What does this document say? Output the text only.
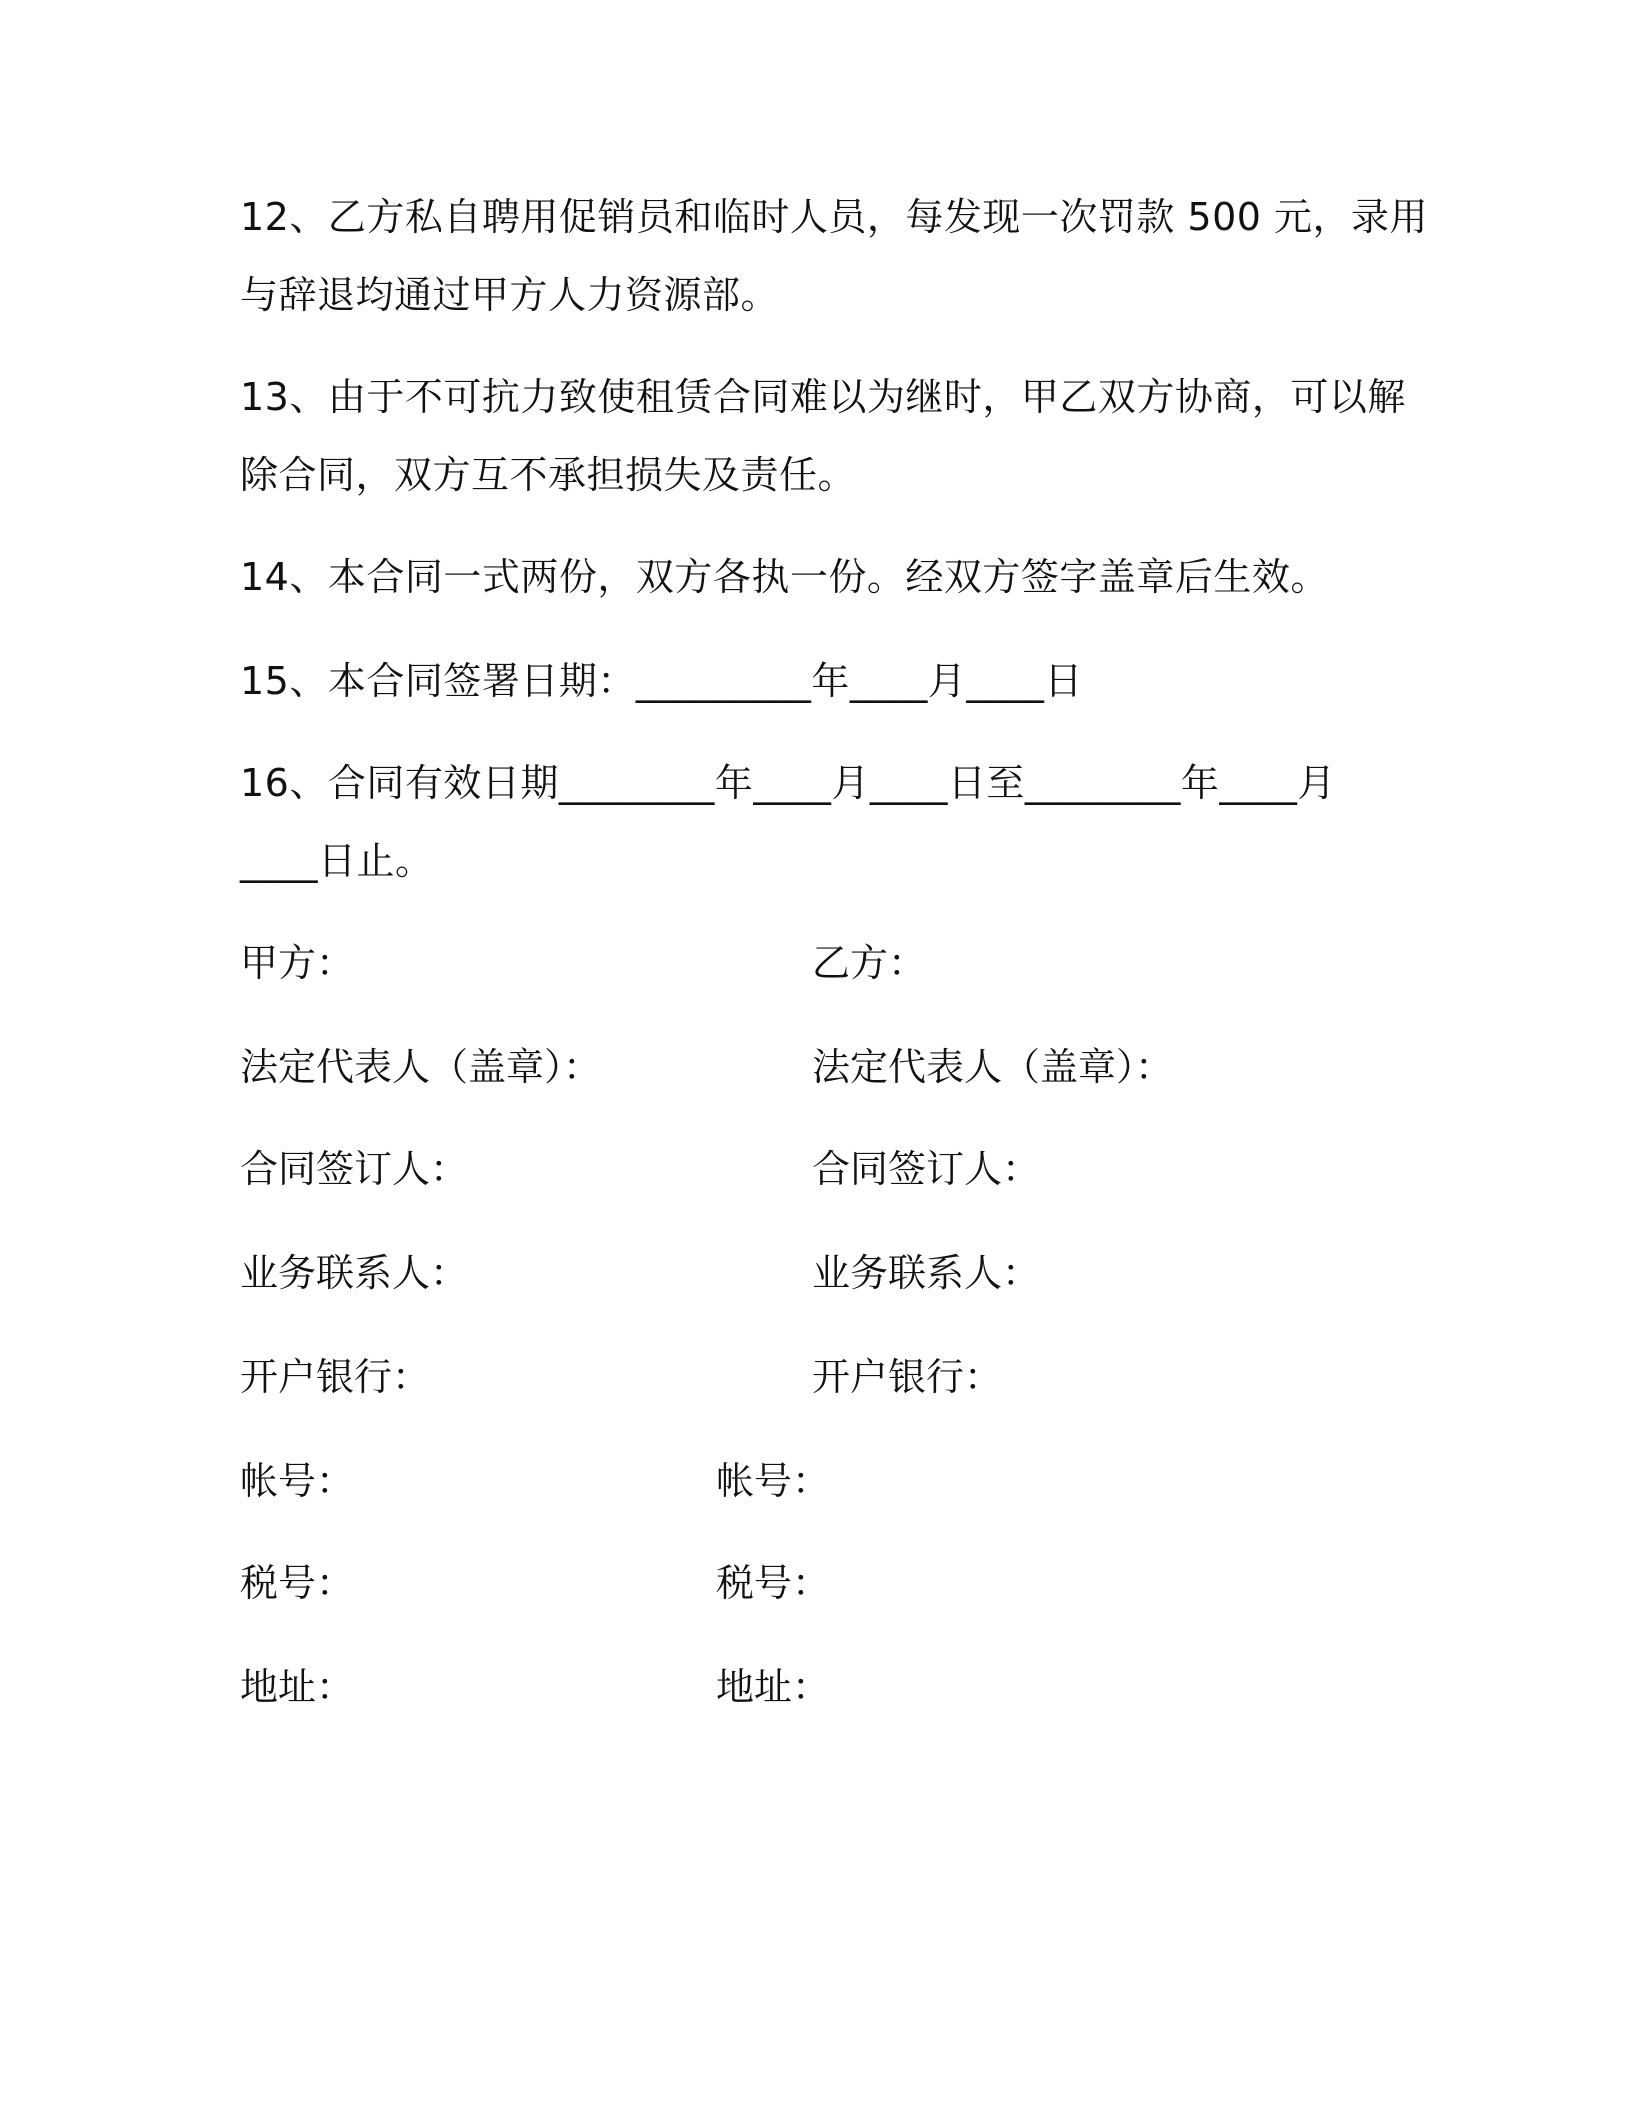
12、乙方私自聘用促销员和临时人员，每发现一次罚款 500 元，录用
与辞退均通过甲方人力资源部。
13、由于不可抗力致使租赁合同难以为继时，甲乙双方协商，可以解
除合同，双方互不承担损失及责任。
14、本合同一式两份，双方各执一份。经双方签字盖章后生效。
15、本合同签署日期：_________年____月____日
16、合同有效日期________年____月____日至________年____月
____日止。
甲方：
法定代表人（盖章）：
合同签订人：
业务联系人：
开户银行：
帐号：
税号：
地址：
乙方：
法定代表人（盖章）：
合同签订人：
业务联系人：
开户银行：
帐号：
税号：
地址：
